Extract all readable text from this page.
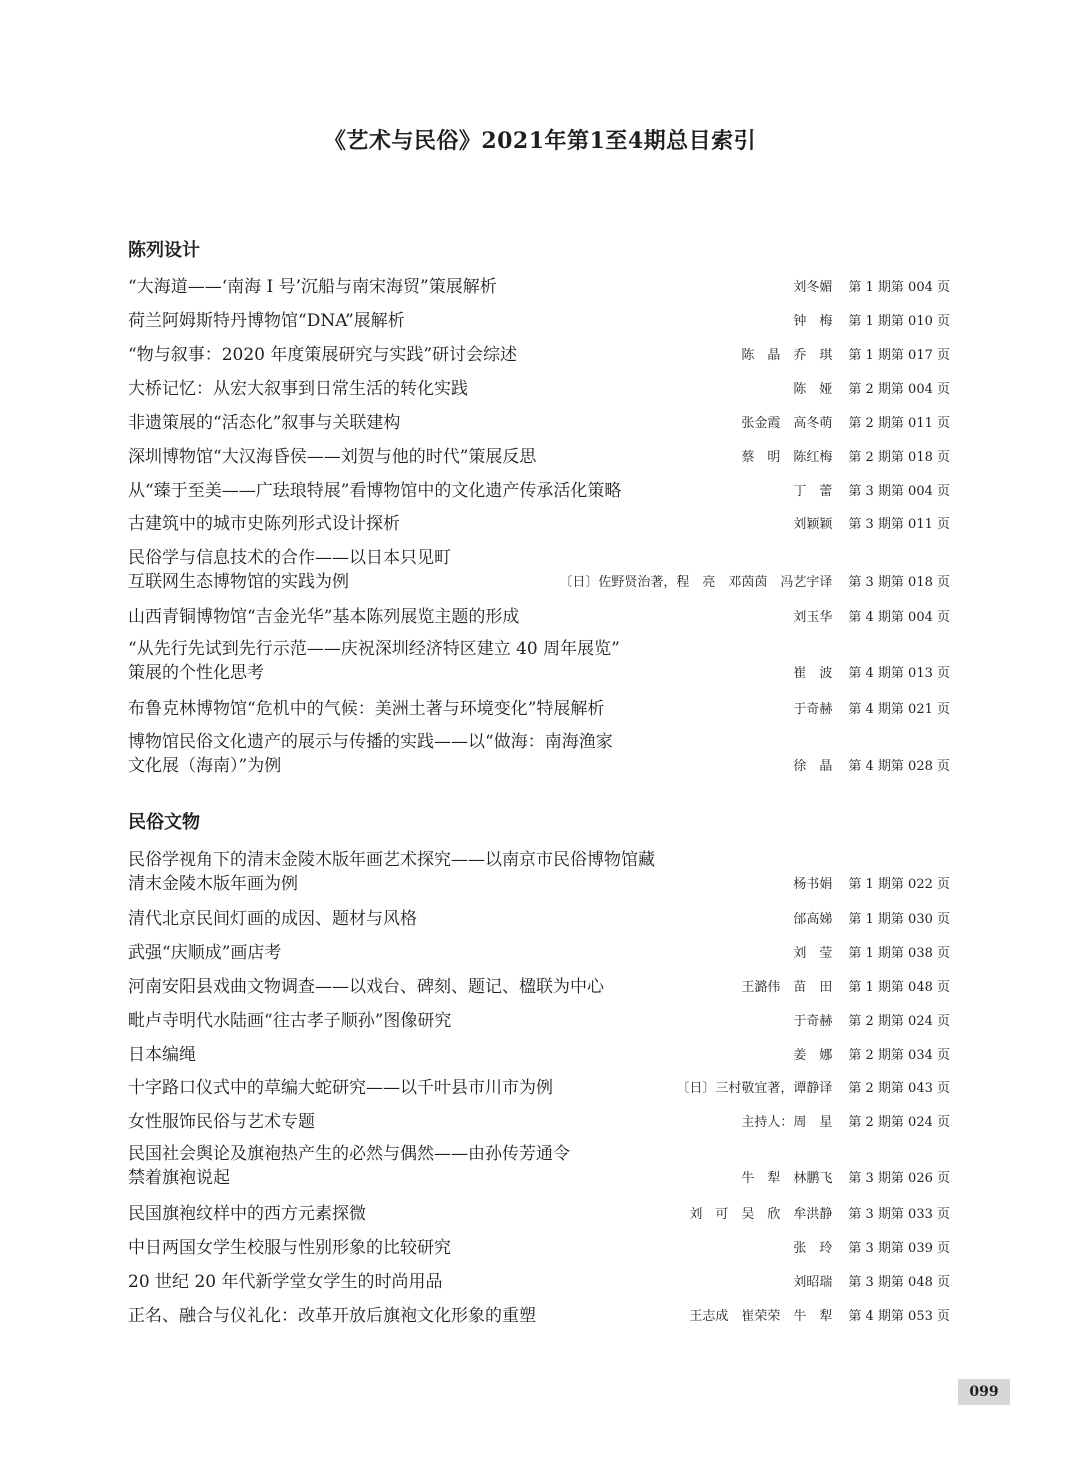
《艺术与民俗》2021年第1至4期总目索引
陈列设计
“大海道——‘南海 I 号’沉船与南宋海贸”策展解析	刘冬媚 第 1 期第 004 页
荷兰阿姆斯特丹博物馆“DNA”展解析	钟　梅 第 1 期第 010 页
“物与叙事：2020 年度策展研究与实践”研讨会综述	陈　晶　乔　琪 第 1 期第 017 页
大桥记忆：从宏大叙事到日常生活的转化实践	陈　娅 第 2 期第 004 页
非遗策展的“活态化”叙事与关联建构	张金霞　高冬萌 第 2 期第 011 页
深圳博物馆“大汉海昏侯——刘贺与他的时代”策展反思	蔡　明　陈红梅 第 2 期第 018 页
从“臻于至美——广珐琅特展”看博物馆中的文化遗产传承活化策略	丁　蕾 第 3 期第 004 页
古建筑中的城市史陈列形式设计探析	刘颖颖 第 3 期第 011 页
民俗学与信息技术的合作——以日本只见町
互联网生态博物馆的实践为例	〔日〕佐野贤治著，程　亮　邓茵茵　冯艺宇译 第 3 期第 018 页
山西青铜博物馆“吉金光华”基本陈列展览主题的形成	刘玉华 第 4 期第 004 页
“从先行先试到先行示范——庆祝深圳经济特区建立 40 周年展览”
策展的个性化思考	崔　波 第 4 期第 013 页
布鲁克林博物馆“危机中的气候：美洲土著与环境变化”特展解析	于奇赫 第 4 期第 021 页
博物馆民俗文化遗产的展示与传播的实践——以“做海：南海渔家
文化展（海南）”为例	徐　晶 第 4 期第 028 页
民俗文物
民俗学视角下的清末金陵木版年画艺术探究——以南京市民俗博物馆藏
清末金陵木版年画为例	杨书娟 第 1 期第 022 页
清代北京民间灯画的成因、题材与风格	邰高娣 第 1 期第 030 页
武强“庆顺成”画店考	刘　莹 第 1 期第 038 页
河南安阳县戏曲文物调查——以戏台、碑刻、题记、楹联为中心	王潞伟　苗　田 第 1 期第 048 页
毗卢寺明代水陆画“往古孝子顺孙”图像研究	于奇赫 第 2 期第 024 页
日本编绳	姜　娜 第 2 期第 034 页
十字路口仪式中的草编大蛇研究——以千叶县市川市为例	〔日〕三村敬宜著，谭静译 第 2 期第 043 页
女性服饰民俗与艺术专题	主持人：周　星 第 2 期第 024 页
民国社会舆论及旗袍热产生的必然与偶然——由孙传芳通令
禁着旗袍说起	牛　犁　林鹏飞 第 3 期第 026 页
民国旗袍纹样中的西方元素探微	刘　可　吴　欣　牟洪静 第 3 期第 033 页
中日两国女学生校服与性别形象的比较研究	张　玲 第 3 期第 039 页
20 世纪 20 年代新学堂女学生的时尚用品	刘昭瑞 第 3 期第 048 页
正名、融合与仪礼化：改革开放后旗袍文化形象的重塑	王志成　崔荣荣　牛　犁 第 4 期第 053 页
099
